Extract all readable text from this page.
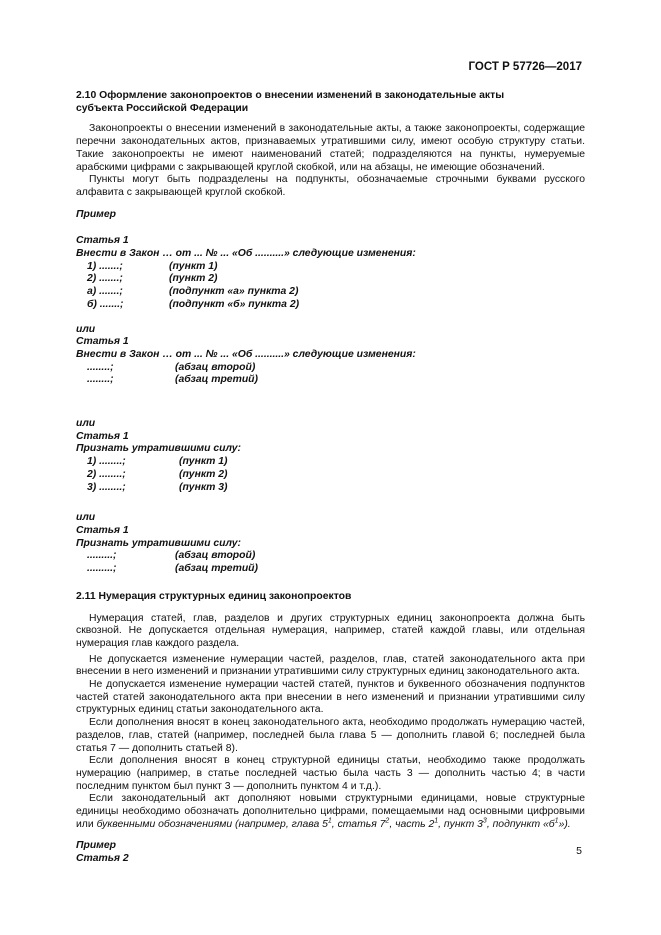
ГОСТ Р 57726—2017

2.10 Оформление законопроектов о внесении изменений в законодательные акты

субъекта Российской Федерации

Законопроекты о внесении изменений в законодательные акты, а также законопроекты, содержащие перечни законодательных актов, признаваемых утратившими силу, имеют особую структуру статьи. Такие законопроекты не имеют наименований статей; подразделяются на пункты, нумеруемые арабскими цифрами с закрывающей круглой скобкой, или на абзацы, не имеющие обозначений.

Пункты могут быть подразделены на подпункты, обозначаемые строчными буквами русского алфавита с закрывающей круглой скобкой.

Пример
Статья 1
Внести в Закон … от ... № ... «Об ..........» следующие изменения:
1) .......;	(пункт 1)
2) .......;	(пункт 2)
а) .......;	(подпункт «а» пункта 2)
б) .......;	(подпункт «б» пункта 2)
или
Статья 1
Внести в Закон … от ... № ... «Об ..........» следующие изменения:
........;	(абзац второй)
........;	(абзац третий)
или
Статья 1
Признать утратившими силу:
1) ........;	(пункт 1)
2) ........;	(пункт 2)
3) ........;	(пункт 3)
или
Статья 1
Признать утратившими силу:
.........;	(абзац второй)
.........;	(абзац третий)

2.11 Нумерация структурных единиц законопроектов

Нумерация статей, глав, разделов и других структурных единиц законопроекта должна быть сквозной. Не допускается отдельная нумерация, например, статей каждой главы, или отдельная нумерация глав каждого раздела.

Не допускается изменение нумерации частей, разделов, глав, статей законодательного акта при внесении в него изменений и признании утратившими силу структурных единиц законодательного акта.

Не допускается изменение нумерации частей статей, пунктов и буквенного обозначения подпунктов частей статей законодательного акта при внесении в него изменений и признании утратившими силу структурных единиц статьи законодательного акта.

Если дополнения вносят в конец законодательного акта, необходимо продолжать нумерацию частей, разделов, глав, статей (например, последней была глава 5 — дополнить главой 6; последней была статья 7 — дополнить статьей 8).

Если дополнения вносят в конец структурной единицы статьи, необходимо также продолжать нумерацию (например, в статье последней частью была часть 3 — дополнить частью 4; в части последним пунктом был пункт 3 — дополнить пунктом 4 и т.д.).

Если законодательный акт дополняют новыми структурными единицами, новые структурные единицы необходимо обозначать дополнительно цифрами, помещаемыми над основными цифровыми или буквенными обозначениями (например, глава $5^1$, статья $7^2$, часть $2^1$, пункт $3^3$, подпункт «$б^1$»).

Пример
Статья 2
5
